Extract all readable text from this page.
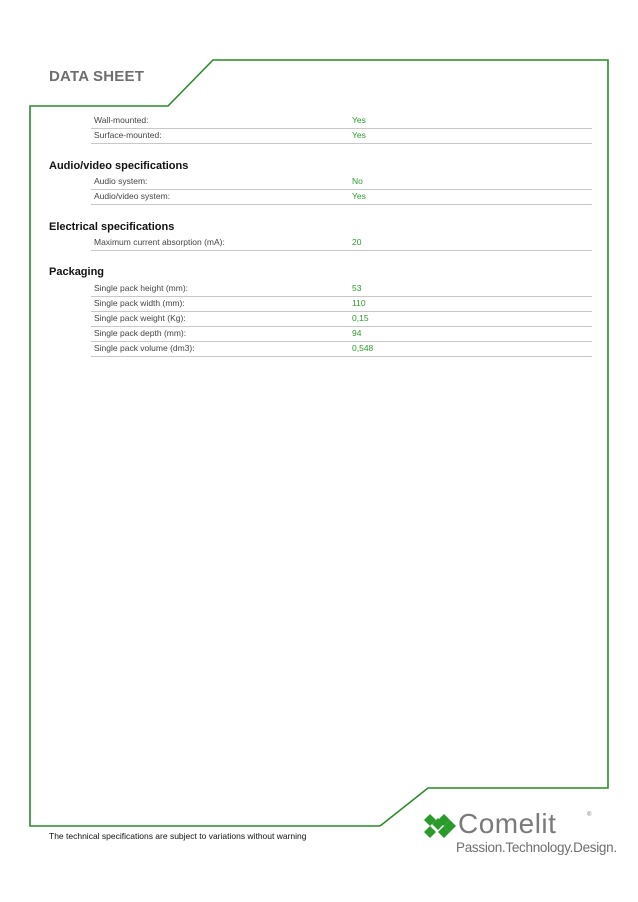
DATA SHEET
Wall-mounted:	Yes
Surface-mounted:	Yes
Audio/video specifications
Audio system:	No
Audio/video system:	Yes
Electrical specifications
Maximum current absorption (mA):	20
Packaging
Single pack height (mm):	53
Single pack width (mm):	110
Single pack weight (Kg):	0,15
Single pack depth (mm):	94
Single pack volume (dm3):	0,548
The technical specifications are subject to variations without warning	Comelit	®
Passion.Technology.Design.
